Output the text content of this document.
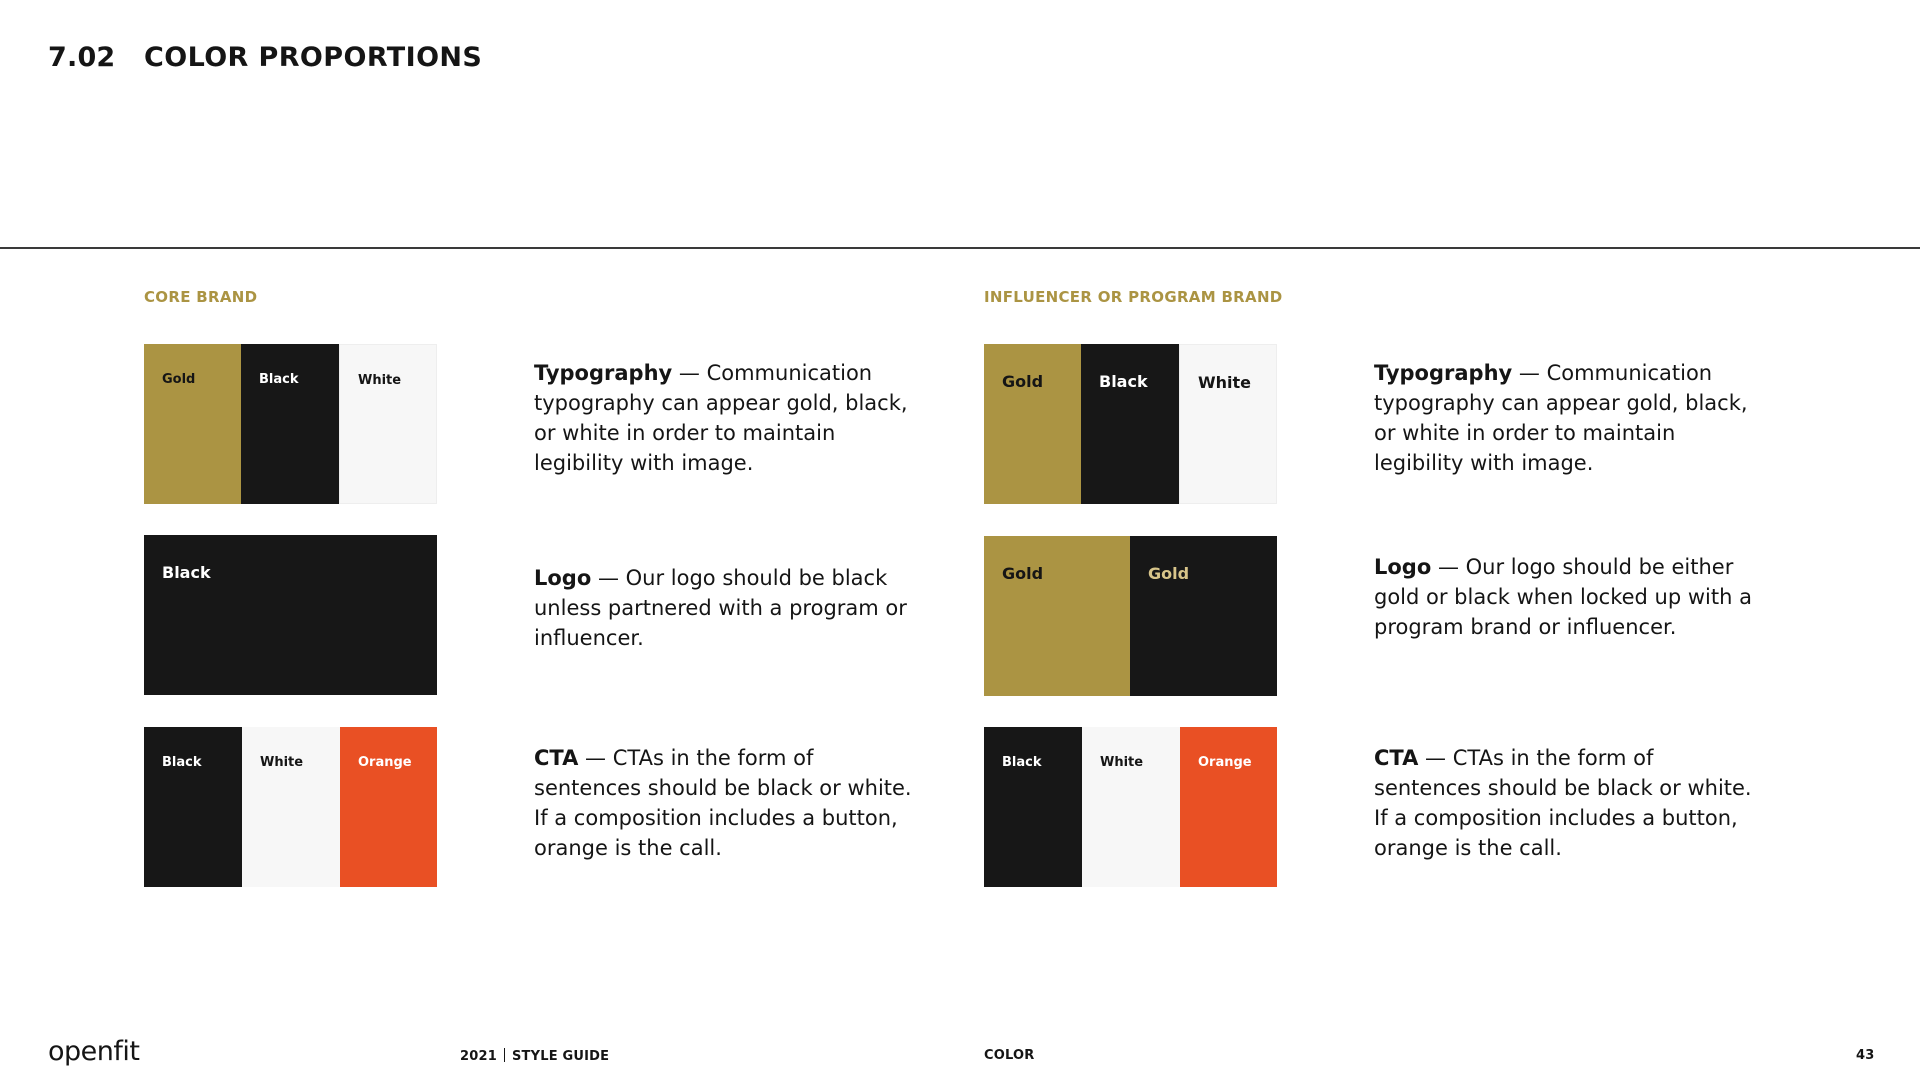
7.02 COLOR PROPORTIONS
CORE BRAND
Gold	Black	White	Typography — Communication typography can appear gold, black, or white in order to maintain legibility with image.
Black	Logo — Our logo should be black unless partnered with a program or influencer.
Black	White	Orange	CTA — CTAs in the form of sentences should be black or white. If a composition includes a button, orange is the call.
INFLUENCER OR PROGRAM BRAND
Gold	Black	White	Typography — Communication typography can appear gold, black, or white in order to maintain legibility with image.
Gold	Gold	Logo — Our logo should be either gold or black when locked up with a program brand or influencer.
Black	White	Orange	CTA — CTAs in the form of sentences should be black or white. If a composition includes a button, orange is the call.
openfit	2021 STYLE GUIDE	COLOR	43
